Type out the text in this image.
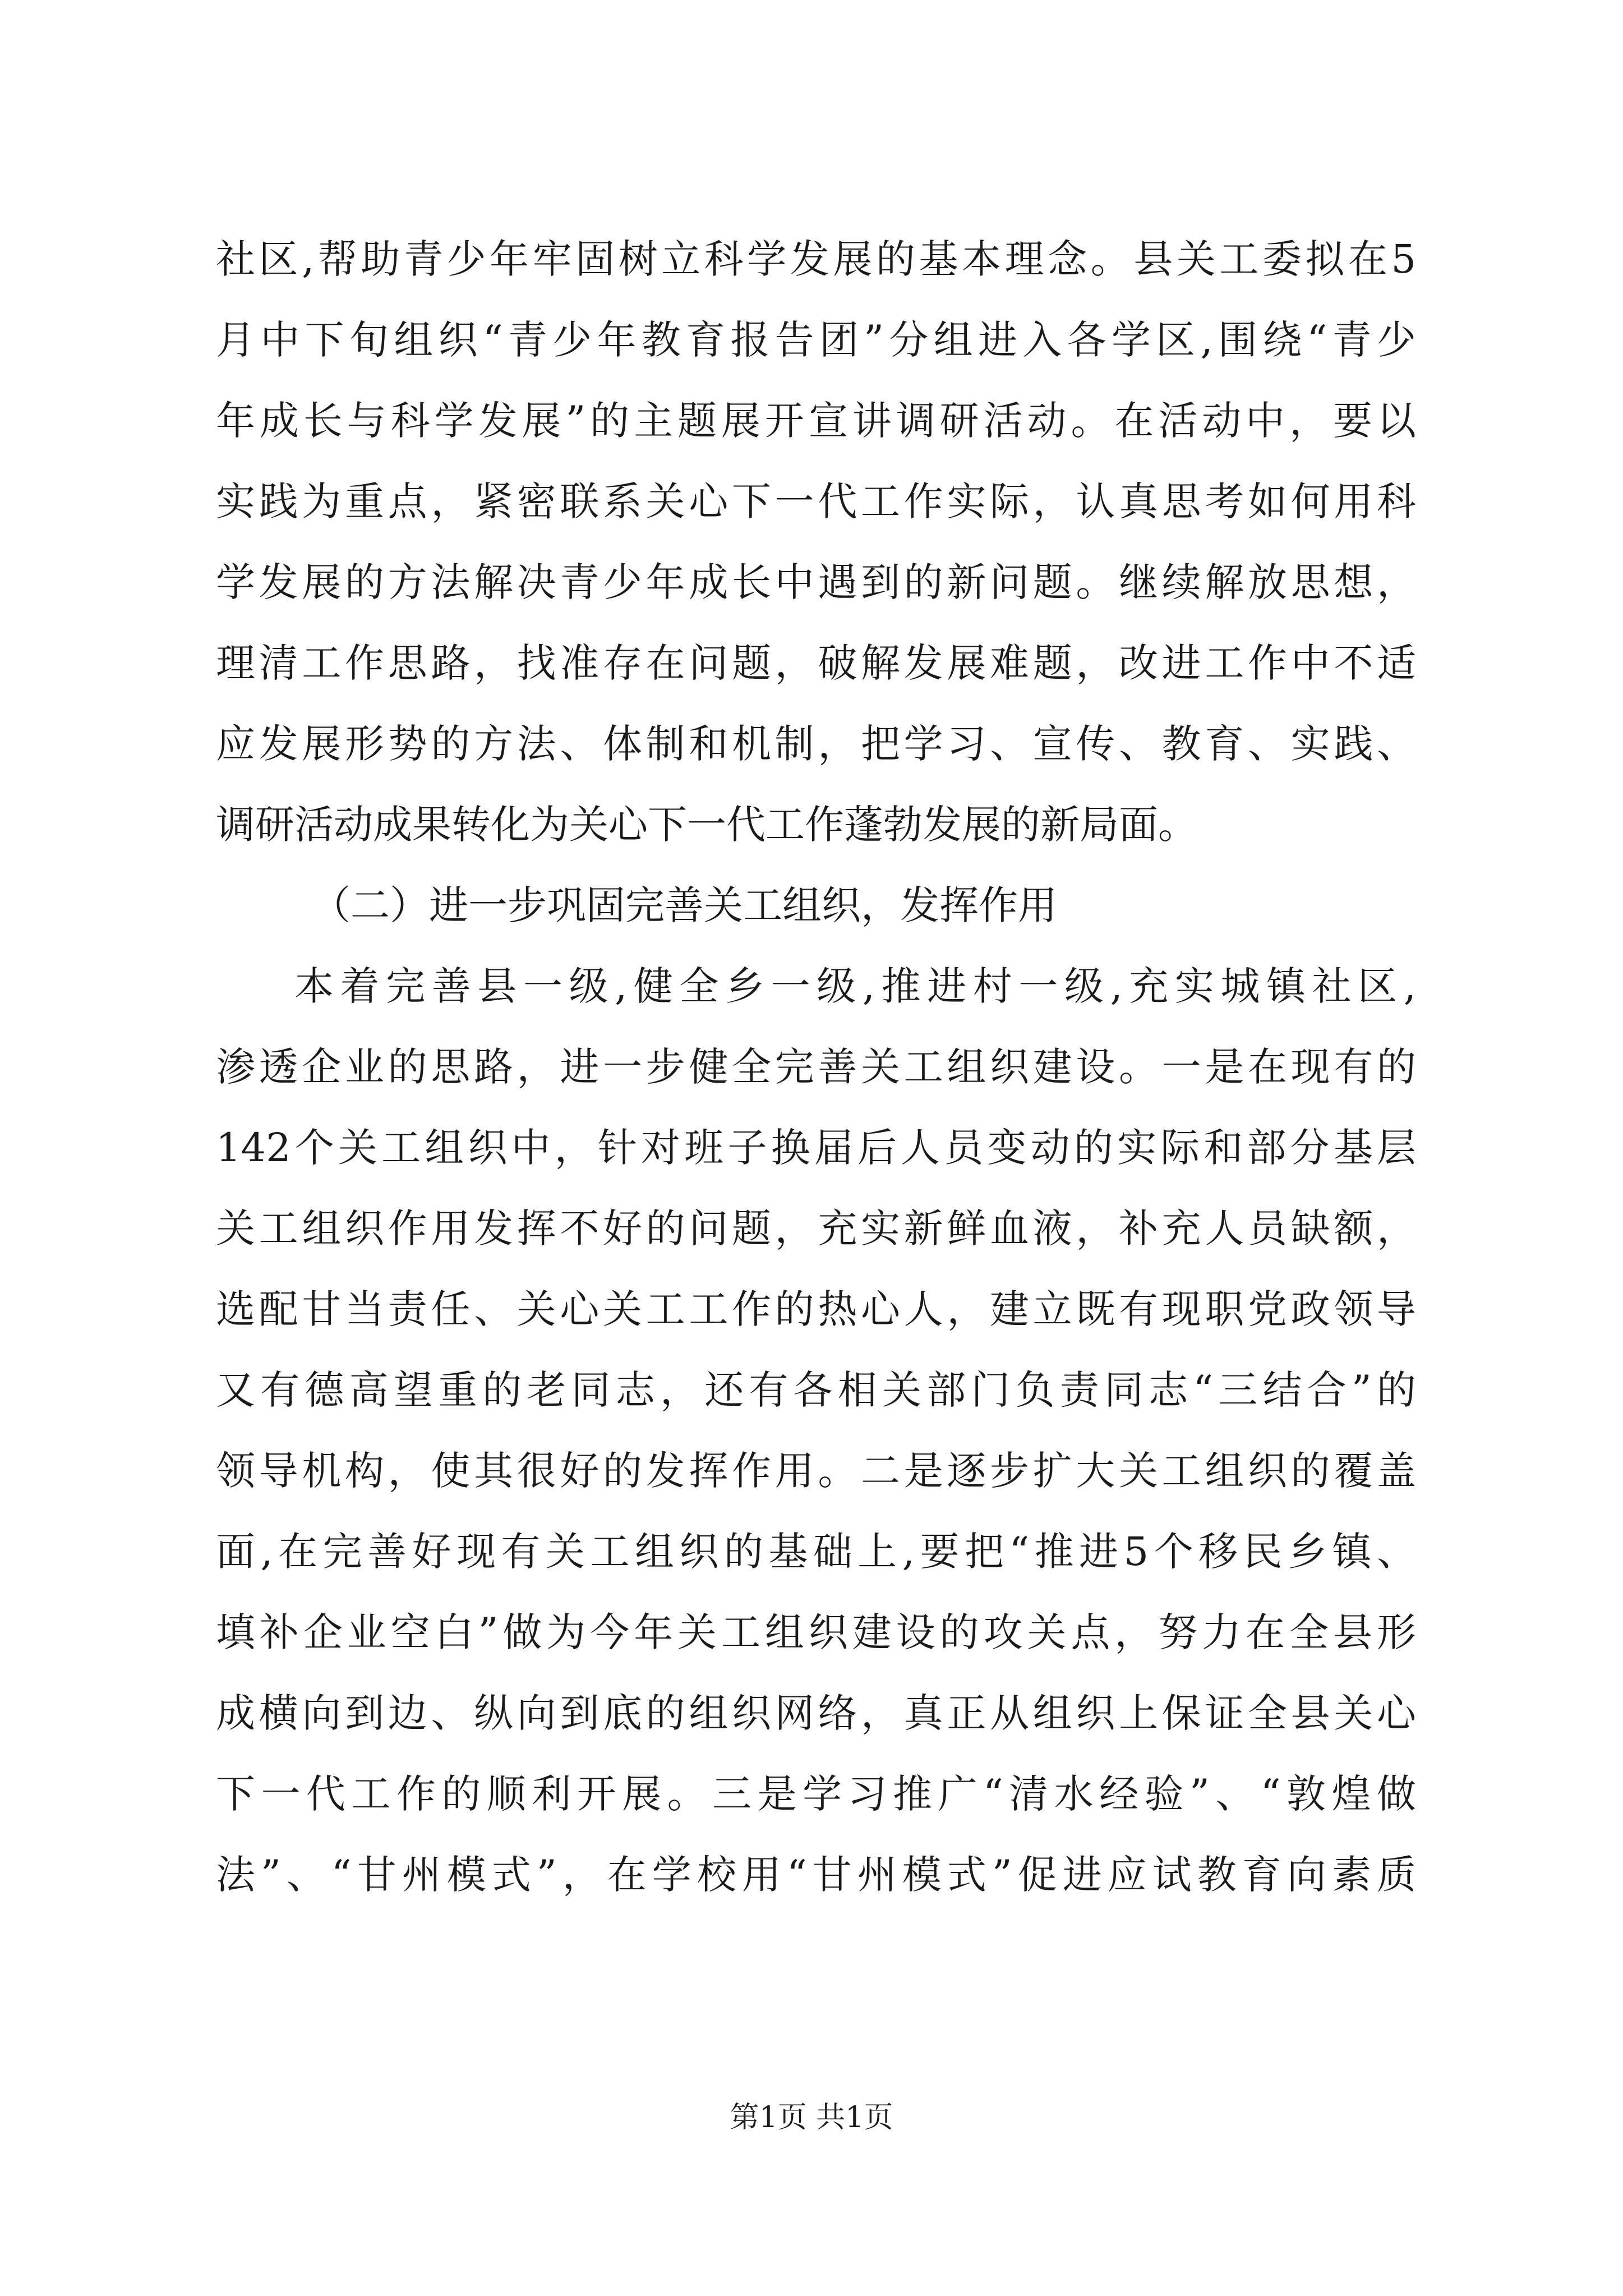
社区,帮助青少年牢固树立科学发展的基本理念。县关工委拟在5
月中下旬组织“青少年教育报告团”分组进入各学区,围绕“青少
年成长与科学发展”的主题展开宣讲调研活动。在活动中，要以
实践为重点，紧密联系关心下一代工作实际，认真思考如何用科
学发展的方法解决青少年成长中遇到的新问题。继续解放思想，
理清工作思路，找准存在问题，破解发展难题，改进工作中不适
应发展形势的方法、体制和机制，把学习、宣传、教育、实践、
调研活动成果转化为关心下一代工作蓬勃发展的新局面。
（二）进一步巩固完善关工组织，发挥作用
本着完善县一级,健全乡一级,推进村一级,充实城镇社区,
渗透企业的思路，进一步健全完善关工组织建设。一是在现有的
142个关工组织中，针对班子换届后人员变动的实际和部分基层
关工组织作用发挥不好的问题，充实新鲜血液，补充人员缺额，
选配甘当责任、关心关工工作的热心人，建立既有现职党政领导
又有德高望重的老同志，还有各相关部门负责同志“三结合”的
领导机构，使其很好的发挥作用。二是逐步扩大关工组织的覆盖
面,在完善好现有关工组织的基础上,要把“推进5个移民乡镇、
填补企业空白”做为今年关工组织建设的攻关点，努力在全县形
成横向到边、纵向到底的组织网络，真正从组织上保证全县关心
下一代工作的顺利开展。三是学习推广“清水经验”、“敦煌做
法”、“甘州模式”，在学校用“甘州模式”促进应试教育向素质
第1页 共1页
